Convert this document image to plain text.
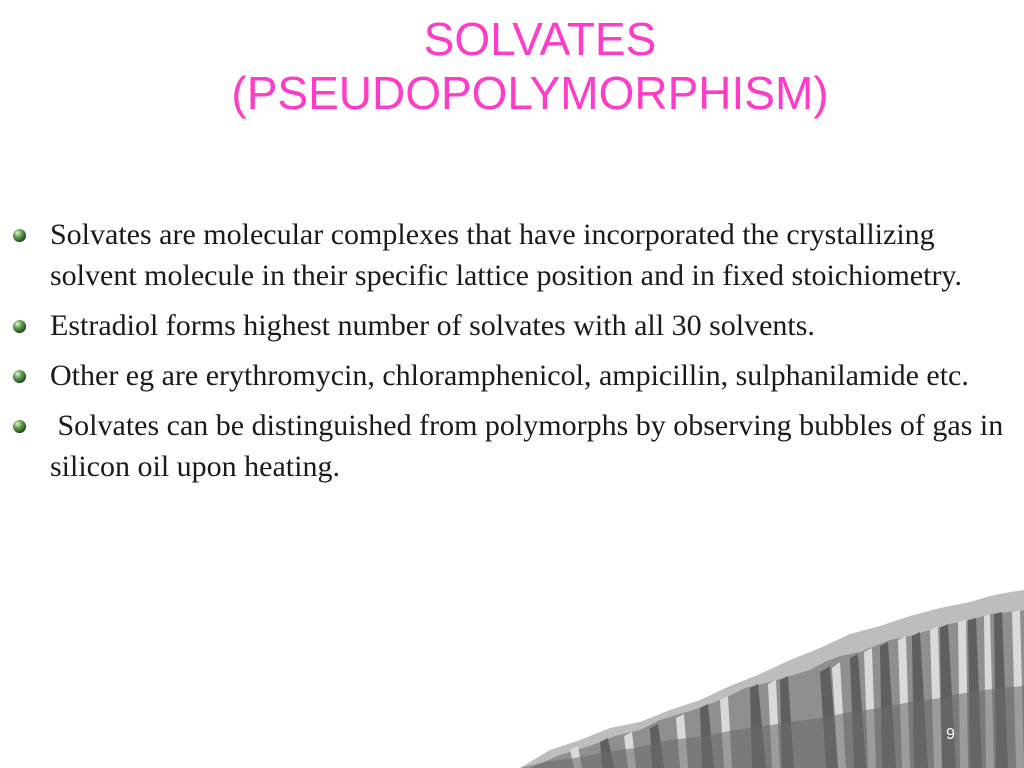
SOLVATES
(PSEUDOPOLYMORPHISM)
Solvates are molecular complexes that have incorporated the crystallizing solvent molecule in their specific lattice position and in fixed stoichiometry.
Estradiol forms highest number of solvates with all 30 solvents.
Other eg are erythromycin, chloramphenicol, ampicillin, sulphanilamide etc.
Solvates can be distinguished from polymorphs by observing bubbles of gas in silicon oil upon heating.
9
